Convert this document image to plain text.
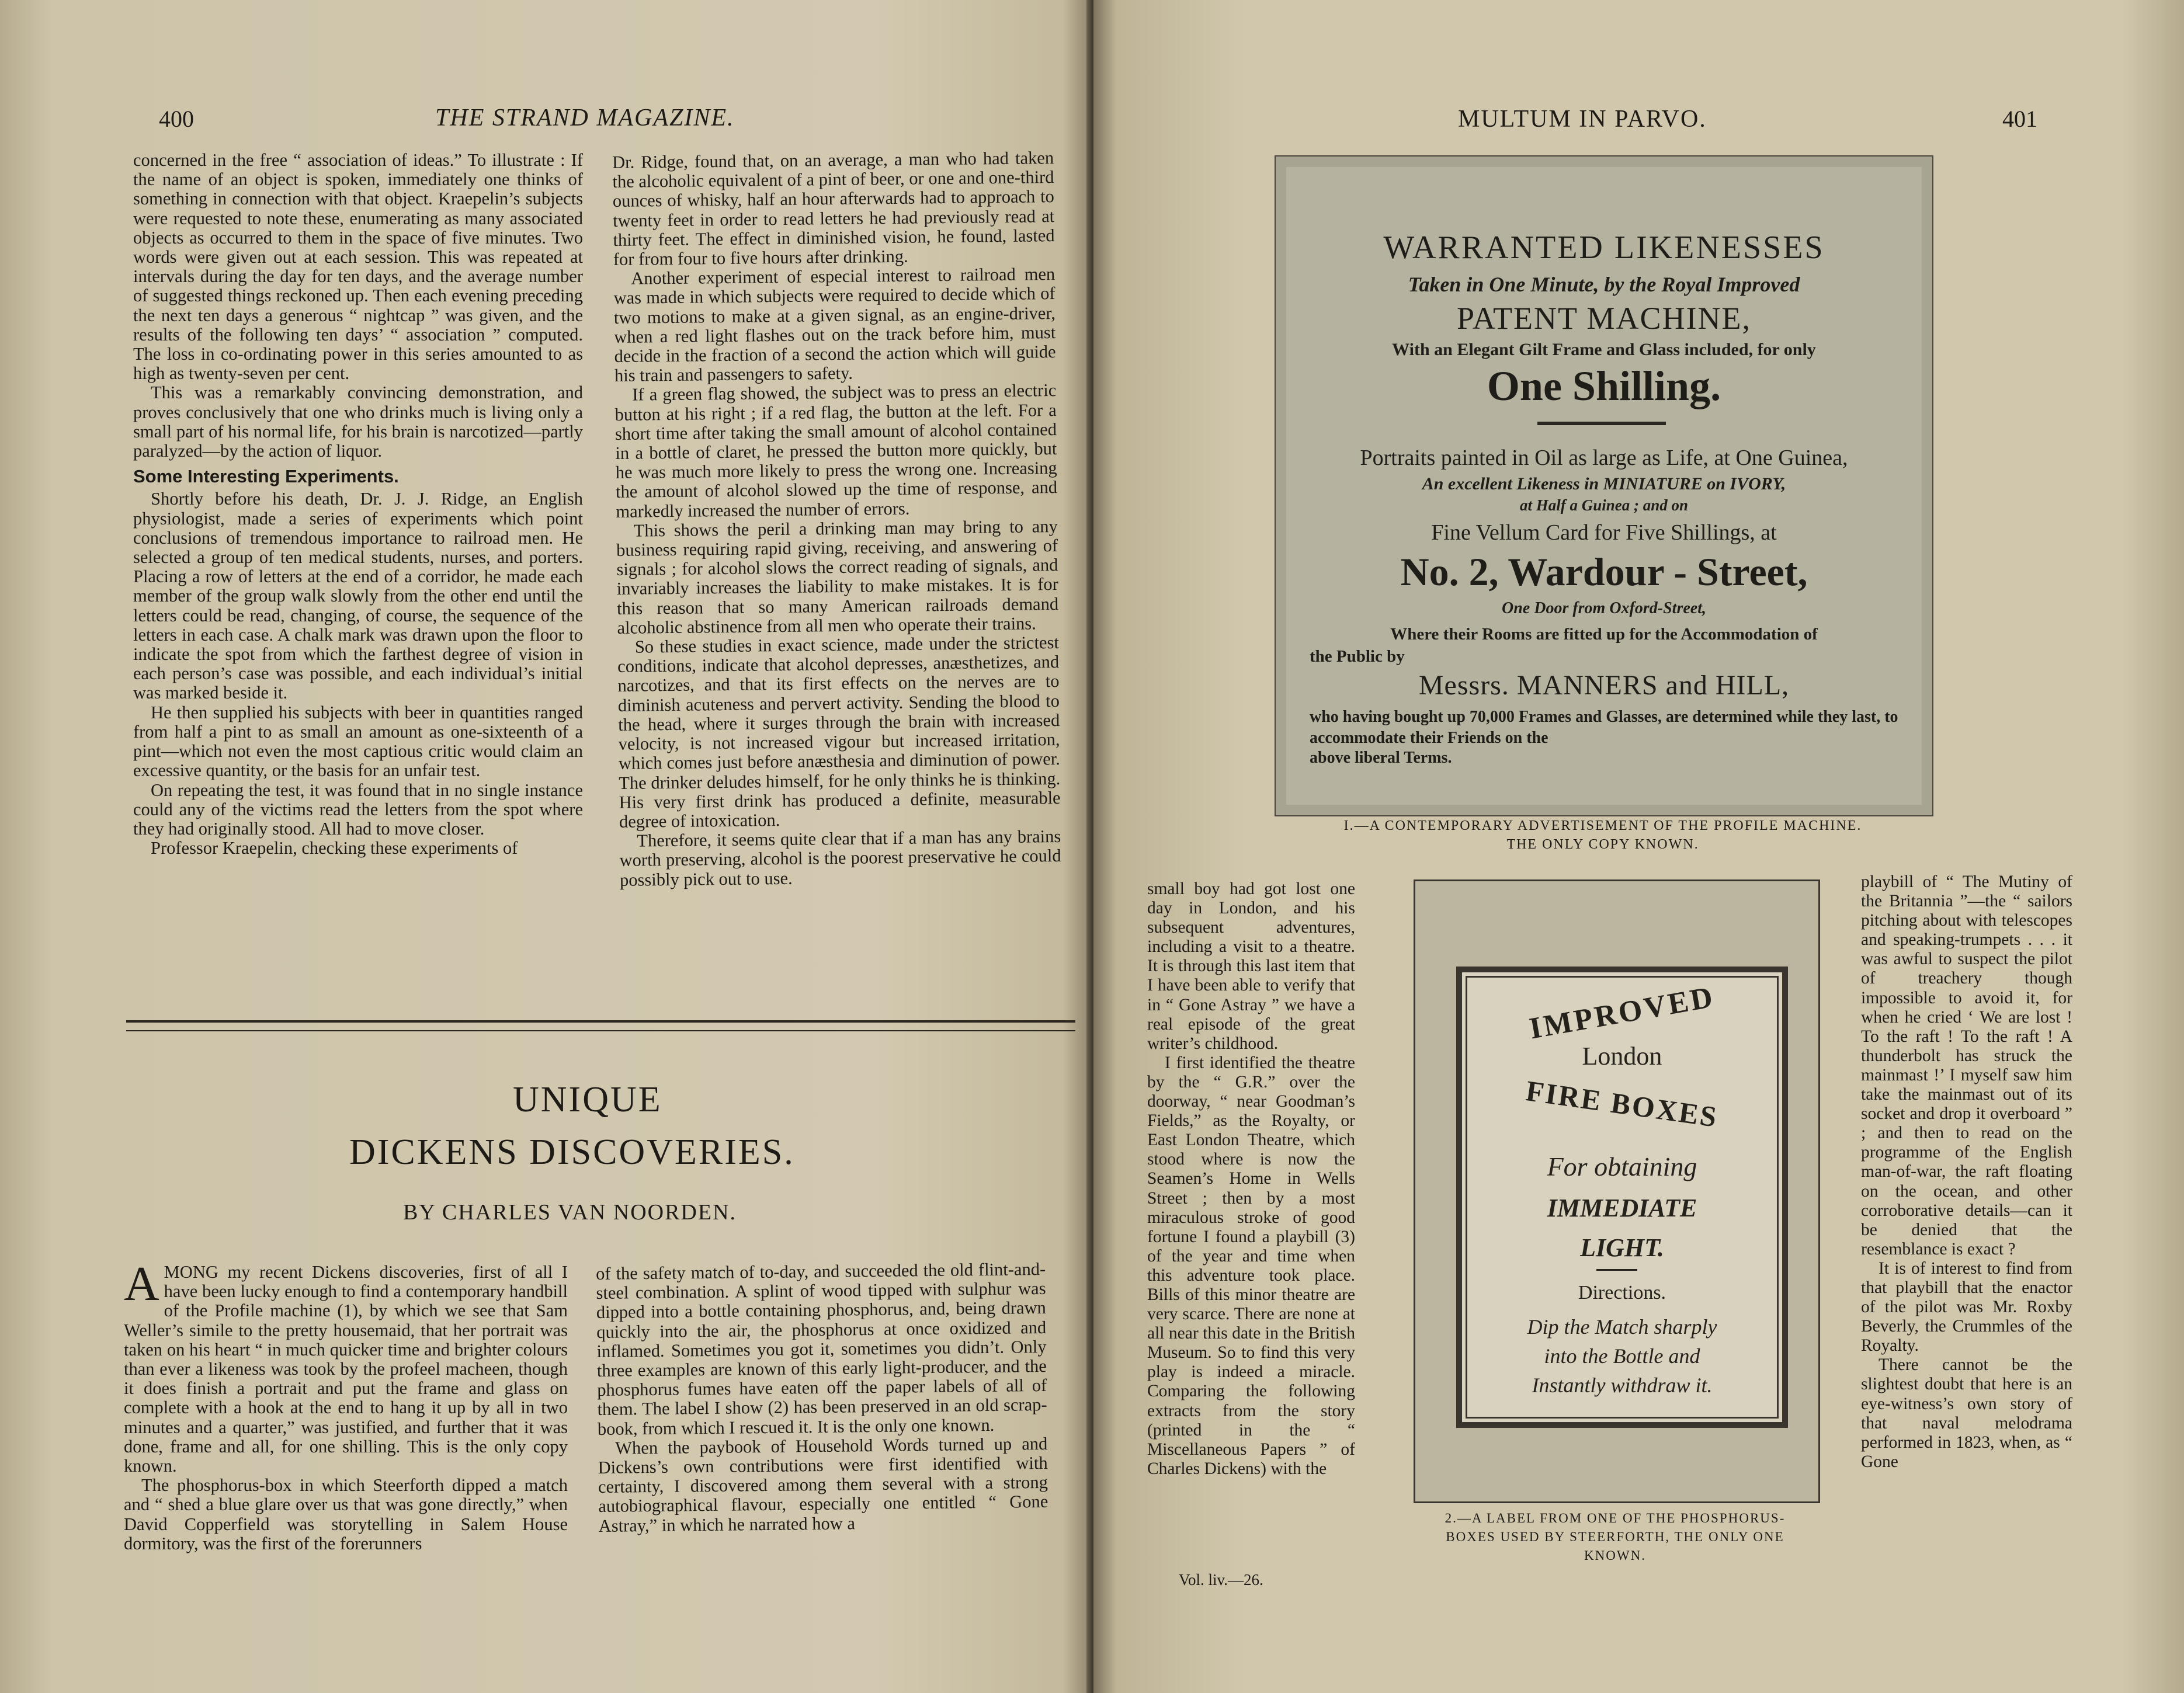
400	THE STRAND MAGAZINE.

concerned in the free “ association of ideas.” To illustrate : If the name of an object is spoken, immediately one thinks of something in connection with that object. Kraepelin’s subjects were requested to note these, enumerating as many associated objects as occurred to them in the space of five minutes. Two words were given out at each session. This was repeated at intervals during the day for ten days, and the average number of suggested things reckoned up. Then each evening preceding the next ten days a generous “ nightcap ” was given, and the results of the following ten days’ “ association ” computed. The loss in co-ordinating power in this series amounted to as high as twenty-seven per cent.

This was a remarkably convincing demonstration, and proves conclusively that one who drinks much is living only a small part of his normal life, for his brain is narcotized—partly paralyzed—by the action of liquor.

Some Interesting Experiments.

Shortly before his death, Dr. J. J. Ridge, an English physiologist, made a series of experiments which point conclusions of tremendous importance to railroad men. He selected a group of ten medical students, nurses, and porters. Placing a row of letters at the end of a corridor, he made each member of the group walk slowly from the other end until the letters could be read, changing, of course, the sequence of the letters in each case. A chalk mark was drawn upon the floor to indicate the spot from which the farthest degree of vision in each person’s case was possible, and each individual’s initial was marked beside it.

He then supplied his subjects with beer in quantities ranged from half a pint to as small an amount as one-sixteenth of a pint—which not even the most captious critic would claim an excessive quantity, or the basis for an unfair test.

On repeating the test, it was found that in no single instance could any of the victims read the letters from the spot where they had originally stood. All had to move closer.

Professor Kraepelin, checking these experiments of

Dr. Ridge, found that, on an average, a man who had taken the alcoholic equivalent of a pint of beer, or one and one-third ounces of whisky, half an hour afterwards had to approach to twenty feet in order to read letters he had previously read at thirty feet. The effect in diminished vision, he found, lasted for from four to five hours after drinking.

Another experiment of especial interest to railroad men was made in which subjects were required to decide which of two motions to make at a given signal, as an engine-driver, when a red light flashes out on the track before him, must decide in the fraction of a second the action which will guide his train and passengers to safety.

If a green flag showed, the subject was to press an electric button at his right ; if a red flag, the button at the left. For a short time after taking the small amount of alcohol contained in a bottle of claret, he pressed the button more quickly, but he was much more likely to press the wrong one. Increasing the amount of alcohol slowed up the time of response, and markedly increased the number of errors.

This shows the peril a drinking man may bring to any business requiring rapid giving, receiving, and answering of signals ; for alcohol slows the correct reading of signals, and invariably increases the liability to make mistakes. It is for this reason that so many American railroads demand alcoholic abstinence from all men who operate their trains.

So these studies in exact science, made under the strictest conditions, indicate that alcohol depresses, anæsthetizes, and narcotizes, and that its first effects on the nerves are to diminish acuteness and pervert activity. Sending the blood to the head, where it surges through the brain with increased velocity, is not increased vigour but increased irritation, which comes just before anæsthesia and diminution of power. The drinker deludes himself, for he only thinks he is thinking. His very first drink has produced a definite, measurable degree of intoxication.

Therefore, it seems quite clear that if a man has any brains worth preserving, alcohol is the poorest preservative he could possibly pick out to use.

UNIQUE
DICKENS DISCOVERIES.
BY CHARLES VAN NOORDEN.

AMONG my recent Dickens discoveries, first of all I have been lucky enough to find a contemporary handbill of the Profile machine (1), by which we see that Sam Weller’s simile to the pretty housemaid, that her portrait was taken on his heart “ in much quicker time and brighter colours than ever a likeness was took by the profeel macheen, though it does finish a portrait and put the frame and glass on complete with a hook at the end to hang it up by all in two minutes and a quarter,” was justified, and further that it was done, frame and all, for one shilling. This is the only copy known.

The phosphorus-box in which Steerforth dipped a match and “ shed a blue glare over us that was gone directly,” when David Copperfield was storytelling in Salem House dormitory, was the first of the forerunners

of the safety match of to-day, and succeeded the old flint-and-steel combination. A splint of wood tipped with sulphur was dipped into a bottle containing phosphorus, and, being drawn quickly into the air, the phosphorus at once oxidized and inflamed. Sometimes you got it, sometimes you didn’t. Only three examples are known of this early light-producer, and the phosphorus fumes have eaten off the paper labels of all of them. The label I show (2) has been preserved in an old scrap-book, from which I rescued it. It is the only one known.

When the paybook of Household Words turned up and Dickens’s own contributions were first identified with certainty, I discovered among them several with a strong autobiographical flavour, especially one entitled “ Gone Astray,” in which he narrated how a

MULTUM IN PARVO.	401
WARRANTED LIKENESSES
Taken in One Minute, by the Royal Improved
PATENT MACHINE,
With an Elegant Gilt Frame and Glass included, for only
One Shilling.
Portraits painted in Oil as large as Life, at One Guinea,
An excellent Likeness in MINIATURE on IVORY,
at Half a Guinea ; and on
Fine Vellum Card for Five Shillings, at
No. 2, Wardour - Street,
One Door from Oxford-Street,
Where their Rooms are fitted up for the Accommodation of
the Public by
Messrs. MANNERS and HILL,
who having bought up 70,000 Frames and Glasses, are determined while they last, to accommodate their Friends on the
above liberal Terms.
I.—A CONTEMPORARY ADVERTISEMENT OF THE PROFILE MACHINE.
THE ONLY COPY KNOWN.

small boy had got lost one day in London, and his subsequent adventures, including a visit to a theatre. It is through this last item that I have been able to verify that in “ Gone Astray ” we have a real episode of the great writer’s childhood.

I first identified the theatre by the “ G.R.” over the doorway, “ near Goodman’s Fields,” as the Royalty, or East London Theatre, which stood where is now the Seamen’s Home in Wells Street ; then by a most miraculous stroke of good fortune I found a playbill (3) of the year and time when this adventure took place. Bills of this minor theatre are very scarce. There are none at all near this date in the British Museum. So to find this very play is indeed a miracle. Comparing the following extracts from the story (printed in the “ Miscellaneous Papers ” of Charles Dickens) with the

Vol. liv.—26.
IMPROVED
London
FIRE BOXES
For obtaining
IMMEDIATE
LIGHT.
Directions.
Dip the Match sharply
into the Bottle and
Instantly withdraw it.
2.—A LABEL FROM ONE OF THE PHOSPHORUS-
BOXES USED BY STEERFORTH, THE ONLY ONE
KNOWN.

playbill of “ The Mutiny of the Britannia ”—the “ sailors pitching about with telescopes and speaking-trumpets . . . it was awful to suspect the pilot of treachery though impossible to avoid it, for when he cried ‘ We are lost ! To the raft ! To the raft ! A thunderbolt has struck the mainmast !’ I myself saw him take the mainmast out of its socket and drop it overboard ” ; and then to read on the programme of the English man-of-war, the raft floating on the ocean, and other corroborative details—can it be denied that the resemblance is exact ?

It is of interest to find from that playbill that the enactor of the pilot was Mr. Roxby Beverly, the Crummles of the Royalty.

There cannot be the slightest doubt that here is an eye-witness’s own story of that naval melodrama performed in 1823, when, as “ Gone
